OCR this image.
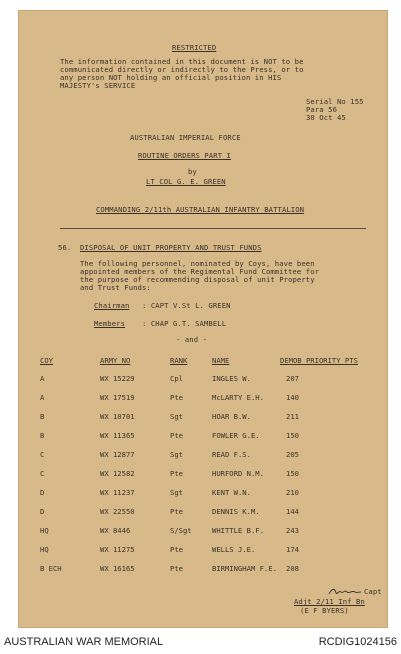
RESTRICTED
The information contained in this document is NOT to be
communicated directly or indirectly to the Press, or to
any person NOT holding an official position in HIS
MAJESTY's SERVICE
Serial No 155
Para 56
30 Oct 45
AUSTRALIAN IMPERIAL FORCE
ROUTINE ORDERS PART I
by
LT COL G. E. GREEN
COMMANDING 2/11th AUSTRALIAN INFANTRY BATTALION
56. DISPOSAL OF UNIT PROPERTY AND TRUST FUNDS
The following personnel, nominated by Coys, have been
appointed members of the Regimental Fund Committee for
the purpose of recommending disposal of unit Property
and Trust Funds:
Chairman : CAPT V.St L. GREEN
Members : CHAP G.T. SAMBELL
- and -
COY	ARMY NO	RANK	NAME	DEMOB PRIORITY PTS
A	WX 15229	Cpl	INGLES W.	207
A	WX 17519	Pte	McLARTY E.H.	140
B	WX 10701	Sgt	HOAR B.W.	211
B	WX 11365	Pte	FOWLER G.E.	150
C	WX 12877	Sgt	READ F.S.	205
C	WX 12582	Pte	HURFORD N.M.	150
D	WX 11237	Sgt	KENT W.N.	210
D	WX 22550	Pte	DENNIS K.M.	144
HQ	WX 8446	S/Sgt	WHITTLE B.F.	243
HQ	WX 11275	Pte	WELLS J.E.	174
B ECH	WX 16165	Pte	BIRMINGHAM F.E. 208
Capt
Adjt 2/11 Inf Bn
(E F BYERS)
AUSTRALIAN WAR MEMORIAL	RCDIG1024156
